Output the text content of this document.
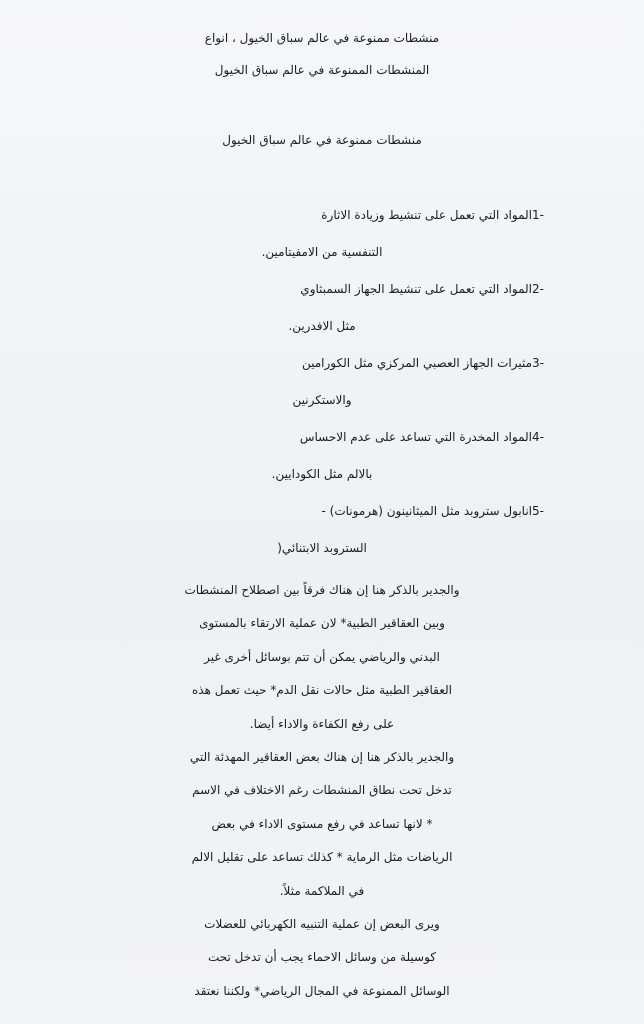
منشطات ممنوعة في عالم سباق الخيول ، انواع
المنشطات الممنوعة في عالم سباق الخيول
منشطات ممنوعة في عالم سباق الخيول
-1المواد التي تعمل على تنشيط وزيادة الاثارة
التنفسية من الامفيتامين.
-2المواد التي تعمل على تنشيط الجهاز السمبثاوي
مثل الافدرين.
-3مثيرات الجهاز العصبي المركزي مثل الكورامين
والاستكرنين
-4المواد المخدرة التي تساعد على عدم الاحساس
بالالم مثل الكودايين.
-5انابول ستروبد مثل الميثانينون (هرمونات) -
الستروبد الابتنائي(
والجدير بالذكر هنا إن هناك فرقاً بين اصطلاح المنشطات
وبين العقاقير الطبية* لان عملية الارتقاء بالمستوى
البدني والرياضي يمكن أن تتم بوسائل أخرى غير
العقاقير الطبية مثل حالات نقل الدم* حيث تعمل هذه
على رفع الكفاءة والاداء أيضا.
والجدير بالذكر هنا إن هناك بعض العقاقير المهدئة التي
تدخل تحت نطاق المنشطات رغم الاختلاف في الاسم
* لانها تساعد في رفع مستوى الاداء في بعض
الرياضات مثل الرماية * كذلك تساعد على تقليل الالم
في الملاكمة مثلاً.
ويرى البعض إن عملية التنبيه الكهربائي للعضلات
كوسيلة من وسائل الاحماء يجب أن تدخل تحت
الوسائل الممنوعة في المجال الرياضي* ولكننا نعتقد
